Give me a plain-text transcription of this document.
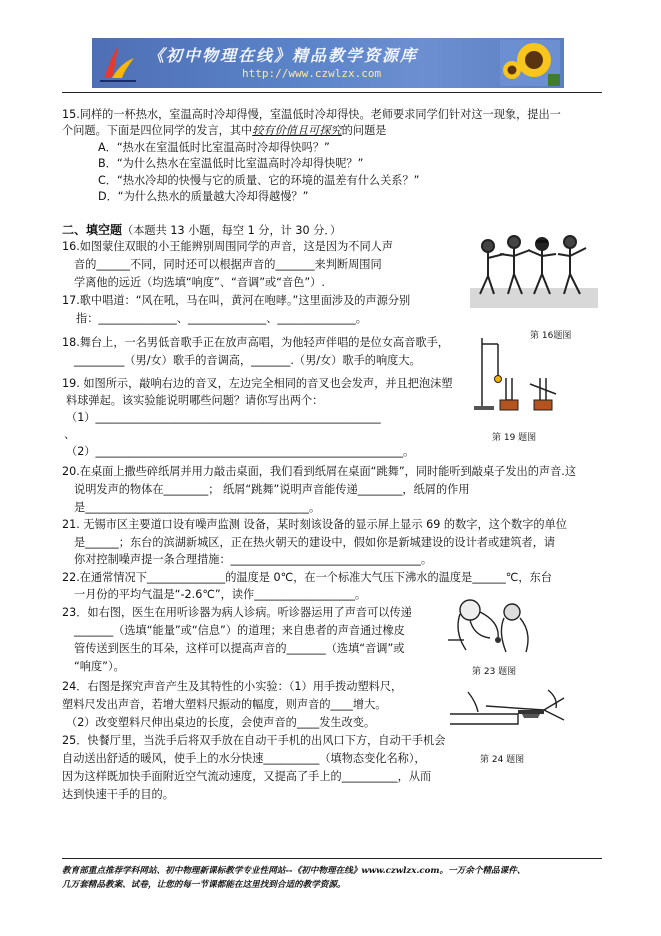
《初中物理在线》精品教学资源库
http://www.czwlzx.com
15.同样的一杯热水，室温高时冷却得慢，室温低时冷却得快。老师要求同学们针对这一现象，提出一
个问题。下面是四位同学的发言，其中较有价值且可探究的问题是
A．“热水在室温低时比室温高时冷却得快吗？”
B．“为什么热水在室温低时比室温高时冷却得快呢？”
C．“热水冷却的快慢与它的质量、它的环境的温差有什么关系？”
D．“为什么热水的质量越大冷却得越慢？”
二、填空题（本题共 13 小题，每空 1 分，计 30 分．）
16.如图蒙住双眼的小王能辨别周围同学的声音，这是因为不同人声
音的______不同，同时还可以根据声音的_______来判断周围同
学离他的远近（均选填“响度”、“音调”或“音色”）.
第 16题图
17.歌中唱道：“风在吼，马在叫，黄河在咆哮。”这里面涉及的声源分别
指：______________、______________、______________。
18.舞台上，一名男低音歌手正在放声高唱，为他轻声伴唱的是位女高音歌手，
_________（男/女）歌手的音调高，_______.（男/女）歌手的响度大。
19. 如图所示，敲响右边的音叉，左边完全相同的音叉也会发声，并且把泡沫塑
料球弹起。该实验能说明哪些问题？请你写出两个：
（1）___________________________________________________
、
（2）_______________________________________________________。
第 19 题图
20.在桌面上撒些碎纸屑并用力敲击桌面，我们看到纸屑在桌面“跳舞”，同时能听到敲桌子发出的声音.这
说明发声的物体在________； 纸屑“跳舞”说明声音能传递________，纸屑的作用
是________________________________________。
21. 无锡市区主要道口设有噪声监测 设备，某时刻该设备的显示屏上显示 69 的数字，这个数字的单位
是______；东台的滨湖新城区，正在热火朝天的建设中，假如你是新城建设的设计者或建筑者，请
你对控制噪声提一条合理措施：__________________________________。
22.在通常情况下______________的温度是 0℃，在一个标准大气压下沸水的温度是______℃，东台
一月份的平均气温是“-2.6℃”，读作__________________。
23．如右图，医生在用听诊器为病人诊病。听诊器运用了声音可以传递
_______（选填“能量”或“信息”）的道理；来自患者的声音通过橡皮
管传送到医生的耳朵，这样可以提高声音的_______（选填“音调”或
“响度”）。	第 23 题图
24．右图是探究声音产生及其特性的小实验：（1）用手拨动塑料尺，
塑料尺发出声音，若增大塑料尺振动的幅度，则声音的____增大。
（2）改变塑料尺伸出桌边的长度，会使声音的____发生改变。
第 24 题图
25．快餐厅里，当洗手后将双手放在自动干手机的出风口下方，自动干手机会
自动送出舒适的暖风，使手上的水分快速__________（填物态变化名称），
因为这样既加快手面附近空气流动速度，又提高了手上的__________，从而
达到快速干手的目的。
教育部重点推荐学科网站、初中物理新课标教学专业性网站--《初中物理在线》www.czwlzx.com。一万余个精品课件、
几万套精品教案、试卷，让您的每一节课都能在这里找到合适的教学资源。
